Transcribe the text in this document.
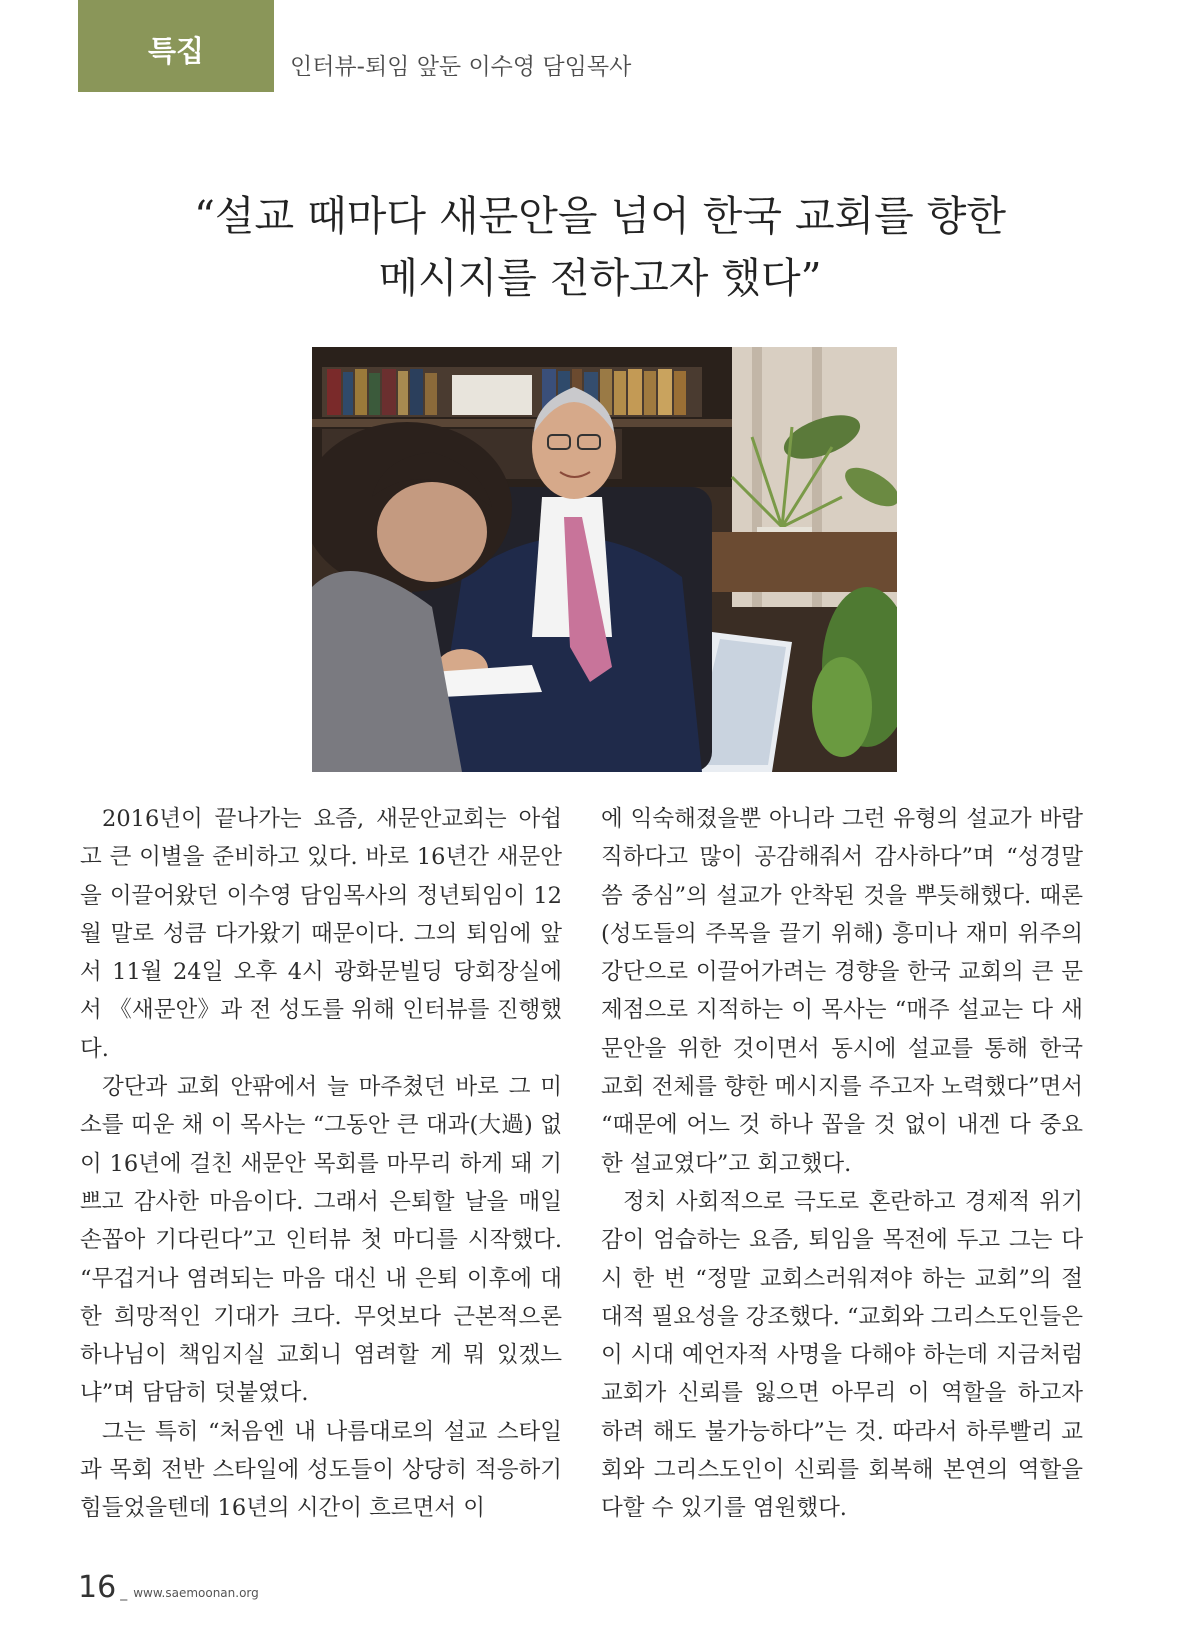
특집	인터뷰-퇴임 앞둔 이수영 담임목사
“설교 때마다 새문안을 넘어 한국 교회를 향한
메시지를 전하고자 했다”

2016년이 끝나가는 요즘, 새문안교회는 아쉽고 큰 이별을 준비하고 있다. 바로 16년간 새문안을 이끌어왔던 이수영 담임목사의 정년퇴임이 12월 말로 성큼 다가왔기 때문이다. 그의 퇴임에 앞서 11월 24일 오후 4시 광화문빌딩 당회장실에서 《새문안》과 전 성도를 위해 인터뷰를 진행했다.

강단과 교회 안팎에서 늘 마주쳤던 바로 그 미소를 띠운 채 이 목사는 “그동안 큰 대과(大過) 없이 16년에 걸친 새문안 목회를 마무리 하게 돼 기쁘고 감사한 마음이다. 그래서 은퇴할 날을 매일 손꼽아 기다린다”고 인터뷰 첫 마디를 시작했다. “무겁거나 염려되는 마음 대신 내 은퇴 이후에 대한 희망적인 기대가 크다. 무엇보다 근본적으론 하나님이 책임지실 교회니 염려할 게 뭐 있겠느냐”며 담담히 덧붙였다.

그는 특히 “처음엔 내 나름대로의 설교 스타일과 목회 전반 스타일에 성도들이 상당히 적응하기 힘들었을텐데 16년의 시간이 흐르면서 이

에 익숙해졌을뿐 아니라 그런 유형의 설교가 바람직하다고 많이 공감해줘서 감사하다”며 “성경말씀 중심”의 설교가 안착된 것을 뿌듯해했다. 때론 (성도들의 주목을 끌기 위해) 흥미나 재미 위주의 강단으로 이끌어가려는 경향을 한국 교회의 큰 문제점으로 지적하는 이 목사는 “매주 설교는 다 새문안을 위한 것이면서 동시에 설교를 통해 한국 교회 전체를 향한 메시지를 주고자 노력했다”면서 “때문에 어느 것 하나 꼽을 것 없이 내겐 다 중요한 설교였다”고 회고했다.

정치 사회적으로 극도로 혼란하고 경제적 위기감이 엄습하는 요즘, 퇴임을 목전에 두고 그는 다시 한 번 “정말 교회스러워져야 하는 교회”의 절대적 필요성을 강조했다. “교회와 그리스도인들은 이 시대 예언자적 사명을 다해야 하는데 지금처럼 교회가 신뢰를 잃으면 아무리 이 역할을 하고자 하려 해도 불가능하다”는 것. 따라서 하루빨리 교회와 그리스도인이 신뢰를 회복해 본연의 역할을 다할 수 있기를 염원했다.

16 _ www.saemoonan.org
